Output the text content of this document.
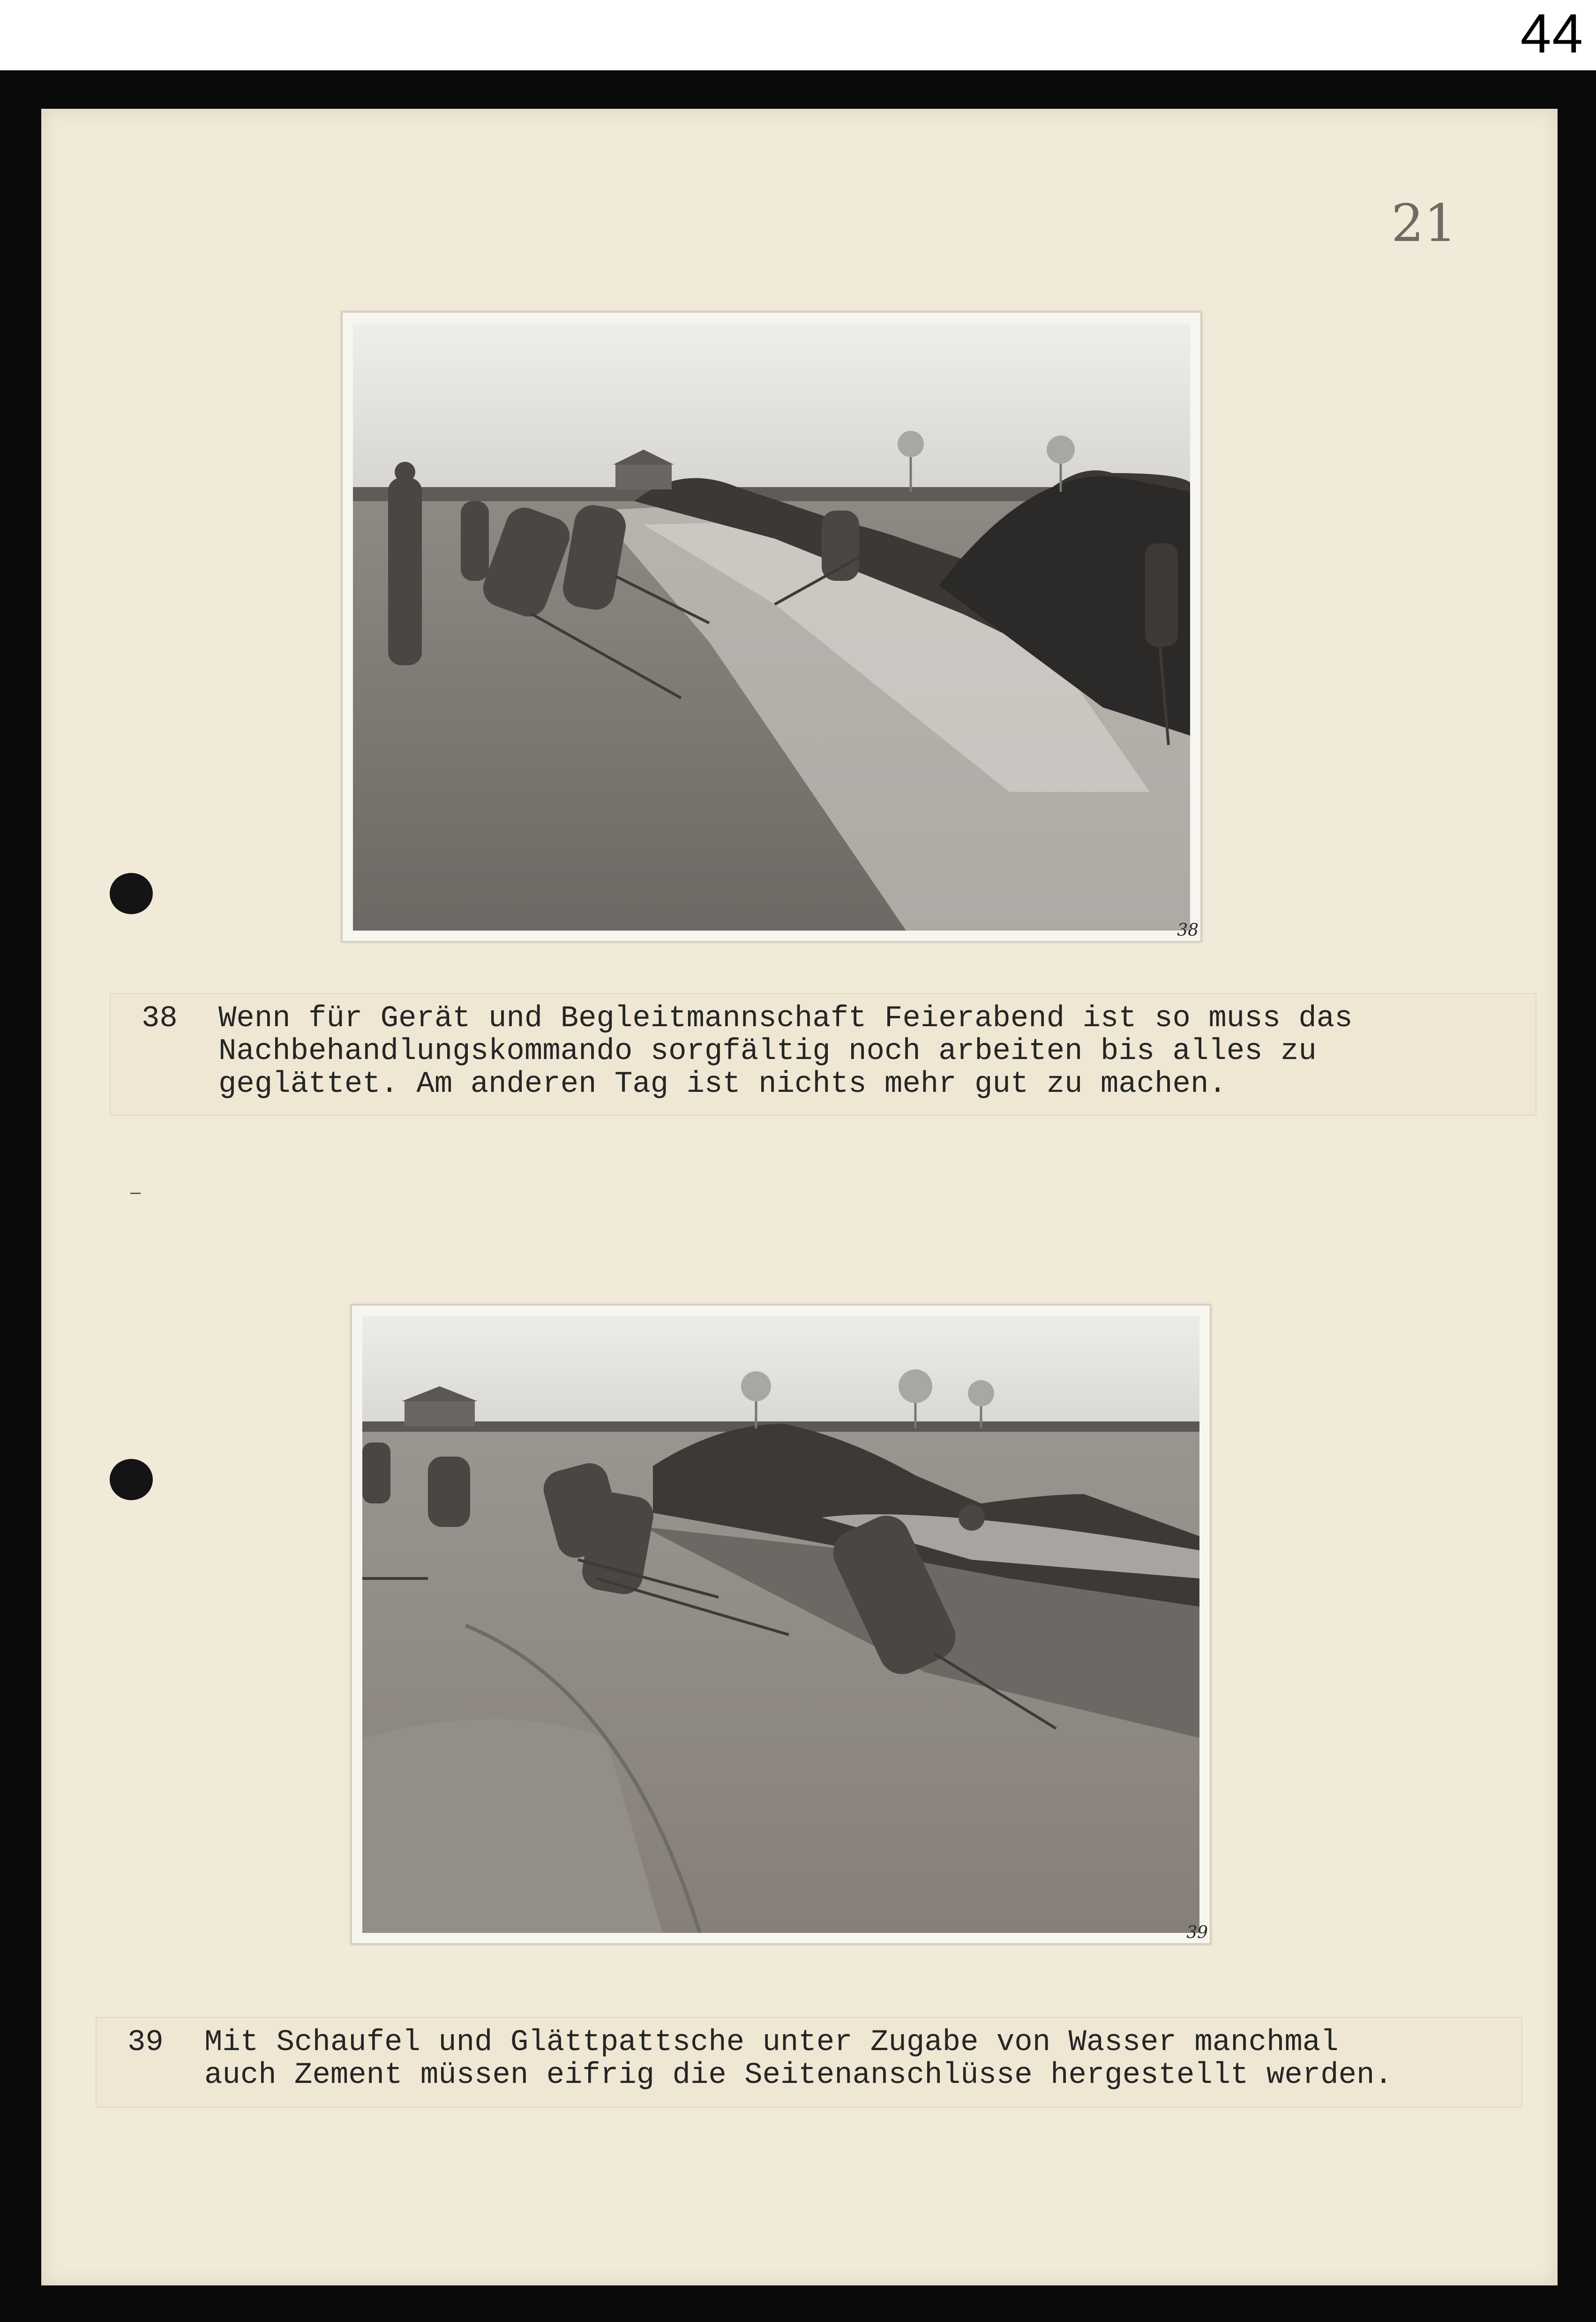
44
21
38
38 Wenn für Gerät und Begleitmannschaft Feierabend ist so muss das
Nachbehandlungskommando sorgfältig noch arbeiten bis alles zu
geglättet. Am anderen Tag ist nichts mehr gut zu machen.
39
39 Mit Schaufel und Glättpattsche unter Zugabe von Wasser manchmal
auch Zement müssen eifrig die Seitenanschlüsse hergestellt werden.
